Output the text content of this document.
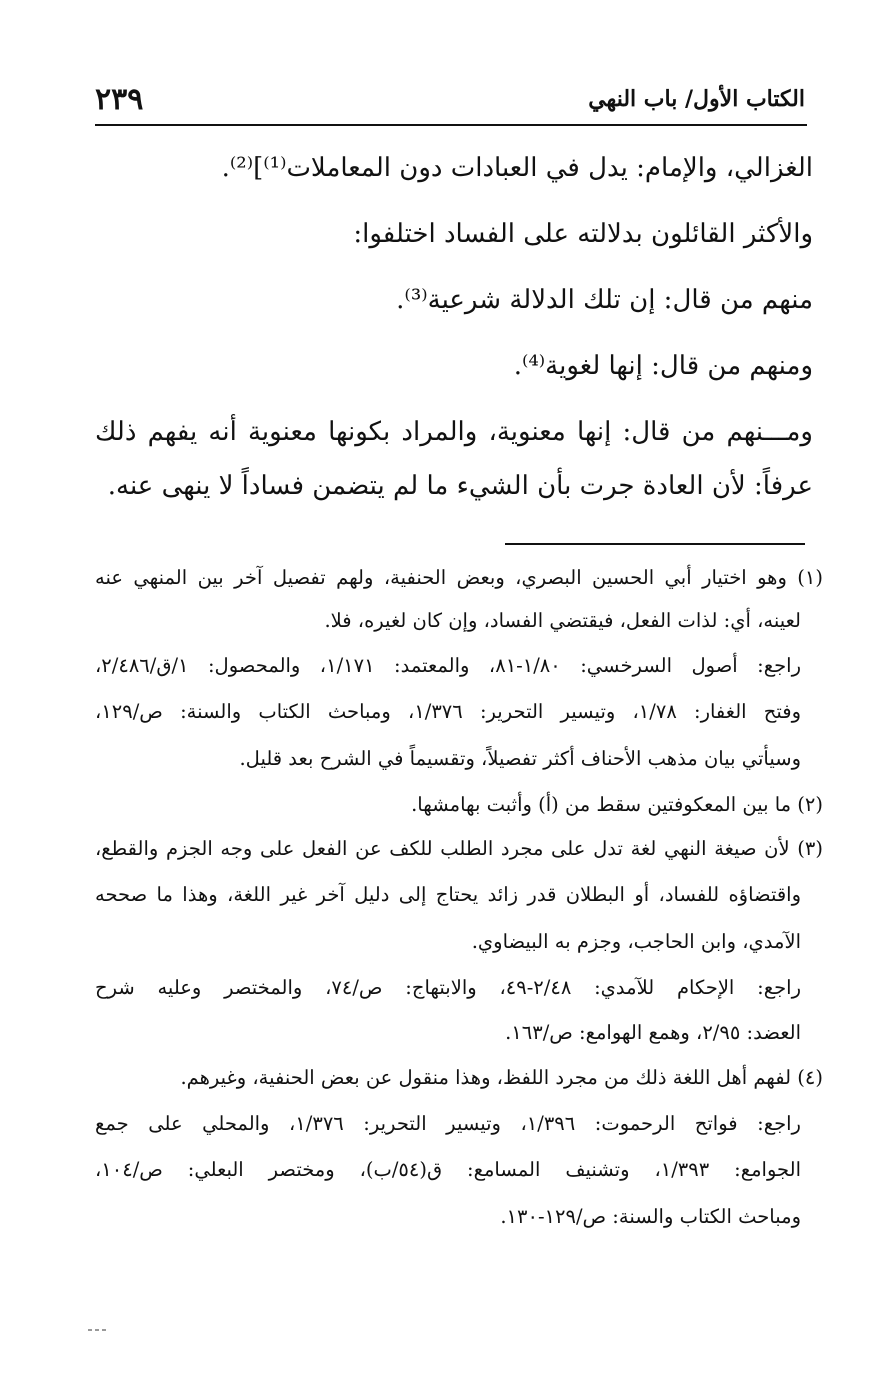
٢٣٩	الكتاب الأول/ باب النهي
الغزالي، والإمام: يدل في العبادات دون المعاملات⁽¹⁾]⁽²⁾.
والأكثر القائلون بدلالته على الفساد اختلفوا:
منهم من قال: إن تلك الدلالة شرعية⁽³⁾.
ومنهم من قال: إنها لغوية⁽⁴⁾.
ومـــنهم من قال: إنها معنوية، والمراد بكونها معنوية أنه يفهم ذلك
عرفاً: لأن العادة جرت بأن الشيء ما لم يتضمن فساداً لا ينهى عنه.
(١) وهو اختيار أبي الحسين البصري، وبعض الحنفية، ولهم تفصيل آخر بين المنهي عنه
لعينه، أي: لذات الفعل، فيقتضي الفساد، وإن كان لغيره، فلا.
راجع: أصول السرخسي: ١/٨٠-٨١، والمعتمد: ١/١٧١، والمحصول: ١/ق/٢/٤٨٦،
وفتح الغفار: ١/٧٨، وتيسير التحرير: ١/٣٧٦، ومباحث الكتاب والسنة: ص/١٢٩،
وسيأتي بيان مذهب الأحناف أكثر تفصيلاً، وتقسيماً في الشرح بعد قليل.
(٢) ما بين المعكوفتين سقط من (أ) وأثبت بهامشها.
(٣) لأن صيغة النهي لغة تدل على مجرد الطلب للكف عن الفعل على وجه الجزم والقطع،
واقتضاؤه للفساد، أو البطلان قدر زائد يحتاج إلى دليل آخر غير اللغة، وهذا ما صححه
الآمدي، وابن الحاجب، وجزم به البيضاوي.
راجع: الإحكام للآمدي: ٢/٤٨-٤٩، والابتهاج: ص/٧٤، والمختصر وعليه شرح
العضد: ٢/٩٥، وهمع الهوامع: ص/١٦٣.
(٤) لفهم أهل اللغة ذلك من مجرد اللفظ، وهذا منقول عن بعض الحنفية، وغيرهم.
راجع: فواتح الرحموت: ١/٣٩٦، وتيسير التحرير: ١/٣٧٦، والمحلي على جمع
الجوامع: ١/٣٩٣، وتشنيف المسامع: ق(٥٤/ب)، ومختصر البعلي: ص/١٠٤،
ومباحث الكتاب والسنة: ص/١٢٩-١٣٠.
